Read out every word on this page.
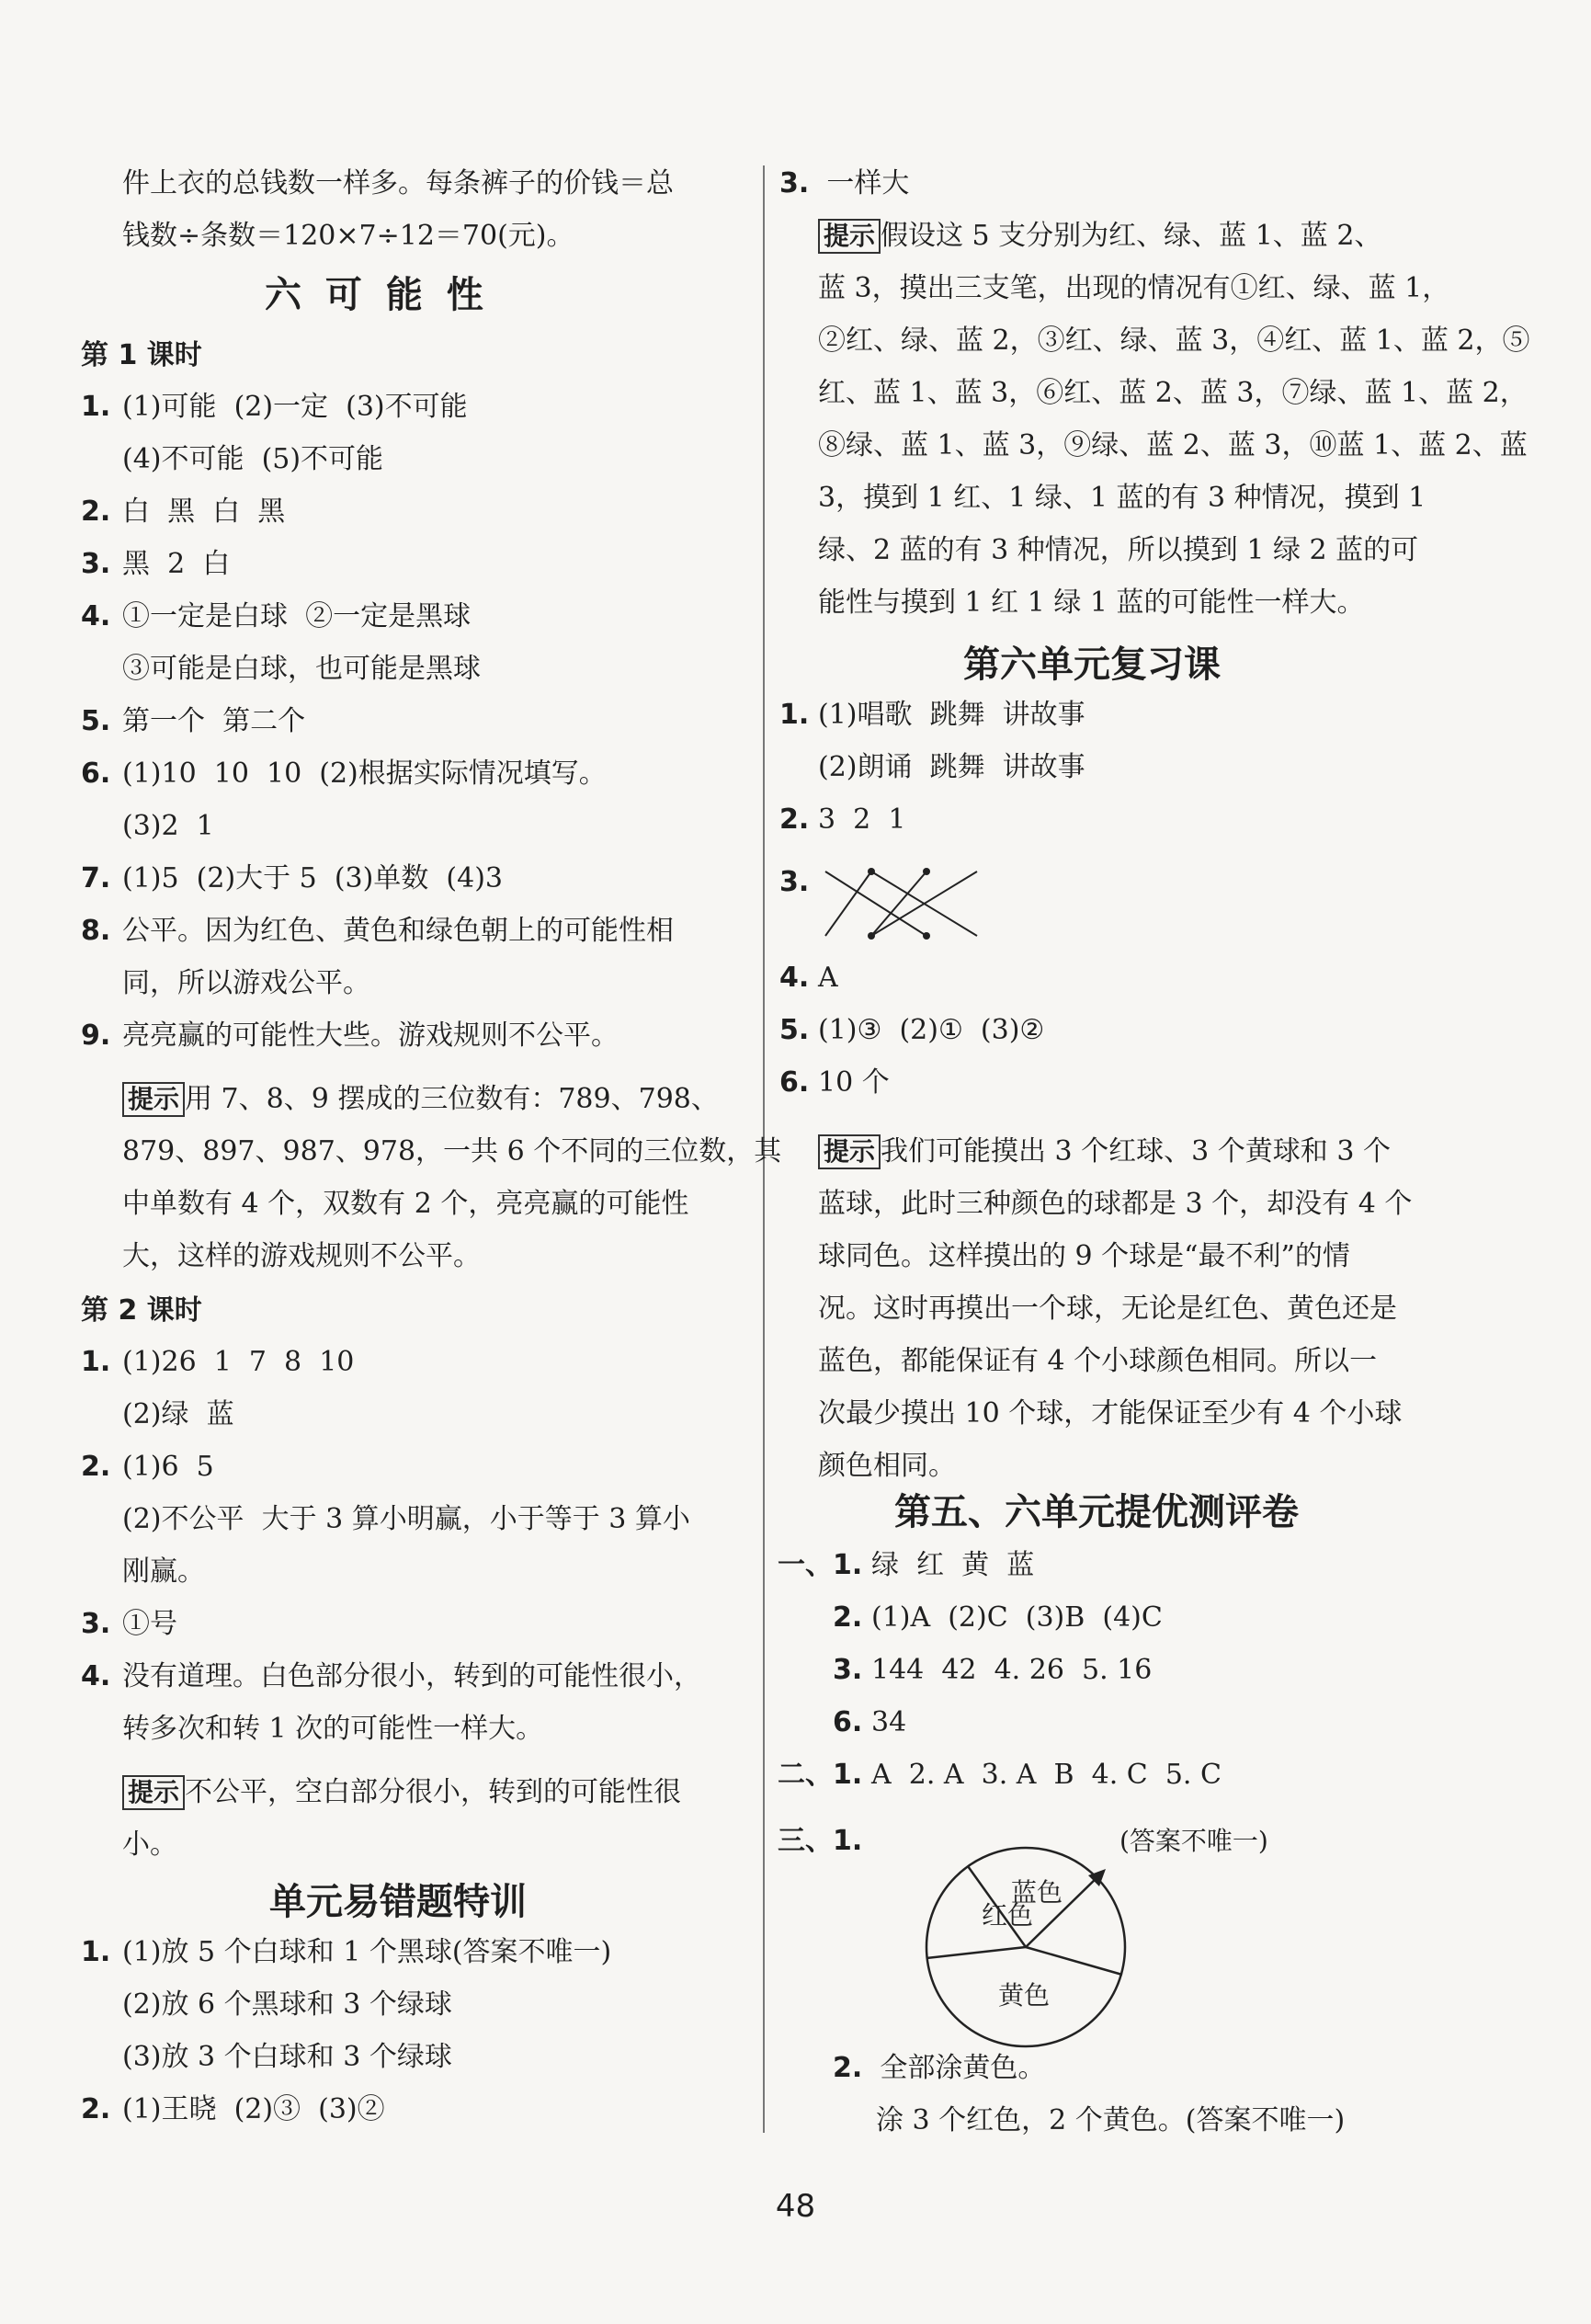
件上衣的总钱数一样多。每条裤子的价钱＝总
钱数÷条数＝120×7÷12＝70(元)。
六 可 能 性
第 1 课时
1. (1)可能  (2)一定  (3)不可能
(4)不可能  (5)不可能
2. 白  黑  白  黑
3. 黑  2  白
4. ①一定是白球  ②一定是黑球
③可能是白球，也可能是黑球
5. 第一个  第二个
6. (1)10  10  10  (2)根据实际情况填写。
(3)2  1
7. (1)5  (2)大于 5  (3)单数  (4)3
8. 公平。因为红色、黄色和绿色朝上的可能性相
同，所以游戏公平。
9. 亮亮赢的可能性大些。游戏规则不公平。
提示 用 7、8、9 摆成的三位数有：789、798、
879、897、987、978，一共 6 个不同的三位数，其
中单数有 4 个，双数有 2 个，亮亮赢的可能性
大，这样的游戏规则不公平。
第 2 课时
1. (1)26  1  7  8  10
(2)绿  蓝
2. (1)6  5
(2)不公平  大于 3 算小明赢，小于等于 3 算小
刚赢。
3. ①号
4. 没有道理。白色部分很小，转到的可能性很小，
转多次和转 1 次的可能性一样大。
提示 不公平，空白部分很小，转到的可能性很
小。
单元易错题特训
1. (1)放 5 个白球和 1 个黑球(答案不唯一)
(2)放 6 个黑球和 3 个绿球
(3)放 3 个白球和 3 个绿球
2. (1)王晓  (2)③  (3)②
3. 一样大
提示 假设这 5 支分别为红、绿、蓝 1、蓝 2、
蓝 3，摸出三支笔，出现的情况有①红、绿、蓝 1，
②红、绿、蓝 2，③红、绿、蓝 3，④红、蓝 1、蓝 2，⑤
红、蓝 1、蓝 3，⑥红、蓝 2、蓝 3，⑦绿、蓝 1、蓝 2，
⑧绿、蓝 1、蓝 3，⑨绿、蓝 2、蓝 3，⑩蓝 1、蓝 2、蓝
3，摸到 1 红、1 绿、1 蓝的有 3 种情况，摸到 1
绿、2 蓝的有 3 种情况，所以摸到 1 绿 2 蓝的可
能性与摸到 1 红 1 绿 1 蓝的可能性一样大。
第六单元复习课
1. (1)唱歌  跳舞  讲故事
(2)朗诵  跳舞  讲故事
2. 3  2  1
3.
4. A
5. (1)③  (2)①  (3)②
6. 10 个
提示 我们可能摸出 3 个红球、3 个黄球和 3 个
蓝球，此时三种颜色的球都是 3 个，却没有 4 个
球同色。这样摸出的 9 个球是“最不利”的情
况。这时再摸出一个球，无论是红色、黄色还是
蓝色，都能保证有 4 个小球颜色相同。所以一
次最少摸出 10 个球，才能保证至少有 4 个小球
颜色相同。
第五、六单元提优测评卷
一、1. 绿  红  黄  蓝
2. (1)A  (2)C  (3)B  (4)C
3. 144  42  4. 26  5. 16
6. 34
二、1. A  2. A  3. A  B  4. C  5. C
三、1.
红色
蓝色
黄色
(答案不唯一)
2. 全部涂黄色。
涂 3 个红色，2 个黄色。(答案不唯一)
48
